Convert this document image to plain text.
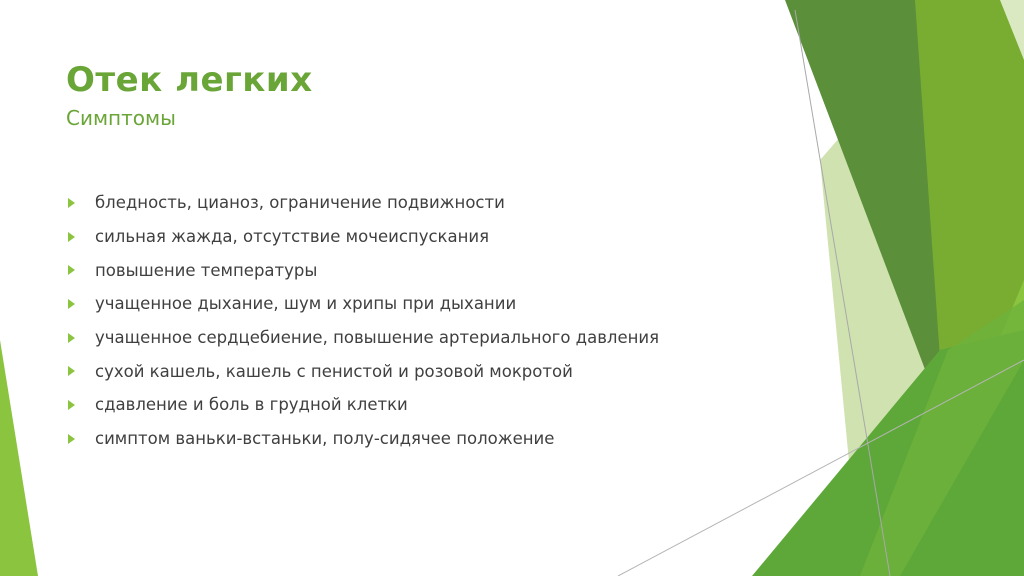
Отек легких
Симптомы
бледность, цианоз, ограничение подвижности
сильная жажда, отсутствие мочеиспускания
повышение температуры
учащенное дыхание, шум и хрипы при дыхании
учащенное сердцебиение, повышение артериального давления
сухой кашель, кашель с пенистой и розовой мокротой
сдавление и боль в грудной клетки
симптом ваньки-встаньки, полу-сидячее положение
